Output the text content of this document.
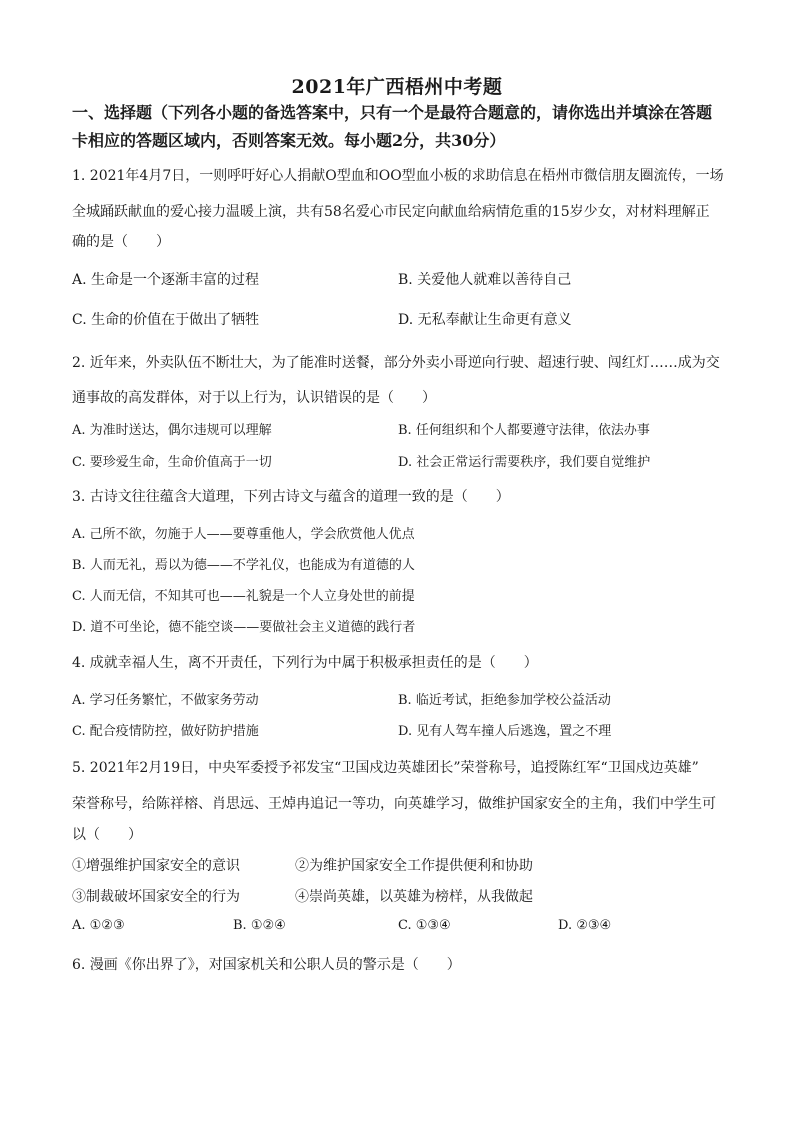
2021年广西梧州中考题
一、选择题（下列各小题的备选答案中，只有一个是最符合题意的，请你选出并填涂在答题
卡相应的答题区域内，否则答案无效。每小题2分，共30分）
1. 2021年4月7日，一则呼吁好心人捐献O型血和OO型血小板的求助信息在梧州市微信朋友圈流传，一场
全城踊跃献血的爱心接力温暖上演，共有58名爱心市民定向献血给病情危重的15岁少女，对材料理解正
确的是（　　）
A. 生命是一个逐渐丰富的过程	B. 关爱他人就难以善待自己
C. 生命的价值在于做出了牺牲	D. 无私奉献让生命更有意义
2. 近年来，外卖队伍不断壮大，为了能准时送餐，部分外卖小哥逆向行驶、超速行驶、闯红灯……成为交
通事故的高发群体，对于以上行为，认识错误的是（　　）
A. 为准时送达，偶尔违规可以理解	B. 任何组织和个人都要遵守法律，依法办事
C. 要珍爱生命，生命价值高于一切	D. 社会正常运行需要秩序，我们要自觉维护
3. 古诗文往往蕴含大道理，下列古诗文与蕴含的道理一致的是（　　）
A. 己所不欲，勿施于人——要尊重他人，学会欣赏他人优点
B. 人而无礼，焉以为德——不学礼仪，也能成为有道德的人
C. 人而无信，不知其可也——礼貌是一个人立身处世的前提
D. 道不可坐论，德不能空谈——要做社会主义道德的践行者
4. 成就幸福人生，离不开责任，下列行为中属于积极承担责任的是（　　）
A. 学习任务繁忙，不做家务劳动	B. 临近考试，拒绝参加学校公益活动
C. 配合疫情防控，做好防护措施	D. 见有人驾车撞人后逃逸，置之不理
5. 2021年2月19日，中央军委授予祁发宝“卫国戍边英雄团长”荣誉称号，追授陈红军“卫国戍边英雄”
荣誉称号，给陈祥榕、肖思远、王焯冉追记一等功，向英雄学习，做维护国家安全的主角，我们中学生可
以（　　）
①增强维护国家安全的意识	②为维护国家安全工作提供便利和协助
③制裁破坏国家安全的行为	④崇尚英雄，以英雄为榜样，从我做起
A. ①②③	B. ①②④	C. ①③④	D. ②③④
6. 漫画《你出界了》，对国家机关和公职人员的警示是（　　）
